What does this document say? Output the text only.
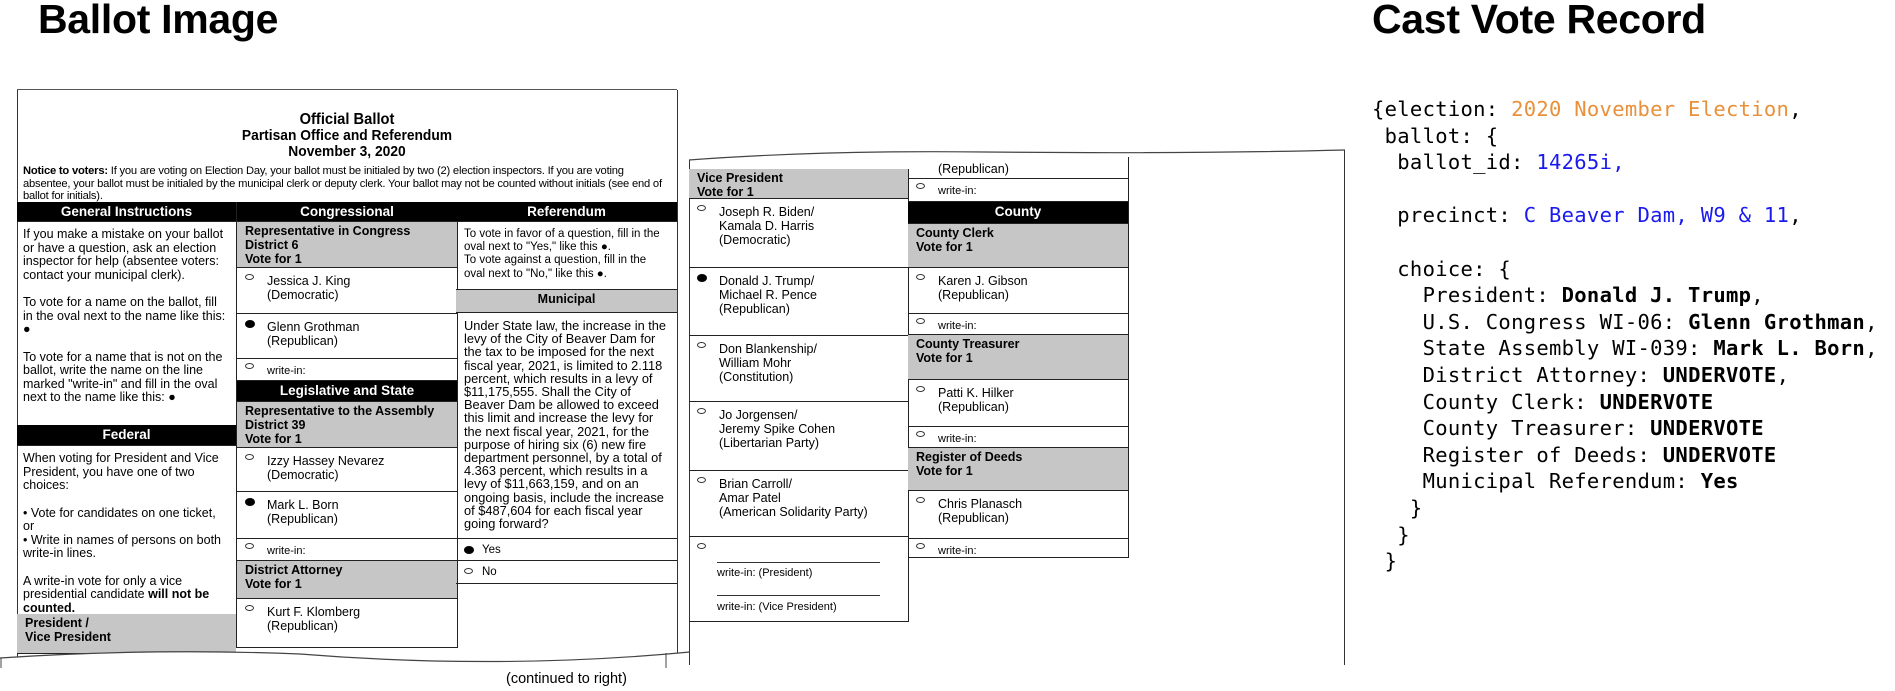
Ballot Image	Cast Vote Record
Official Ballot
Partisan Office and Referendum
November 3, 2020
Notice to voters: If you are voting on Election Day, your ballot must be initialed by two (2) election inspectors. If you are voting absentee, your ballot must be initialed by the municipal clerk or deputy clerk. Your ballot may not be counted without initials (see end of ballot for initials).
General Instructions

If you make a mistake on your ballot or have a question, ask an election inspector for help (absentee voters: contact your municipal clerk).

To vote for a name on the ballot, fill in the oval next to the name like this: ●

To vote for a name that is not on the ballot, write the name on the line marked "write-in" and fill in the oval next to the name like this: ●

Federal

When voting for President and Vice President, you have one of two choices:

• Vote for candidates on one ticket, or
• Write in names of persons on both write-in lines.

A write-in vote for only a vice presidential candidate will not be counted.

President /
Vice President
Congressional
Representative in Congress
District 6
Vote for 1
Jessica J. King
(Democratic)
Glenn Grothman
(Republican)
write-in:
Legislative and State
Representative to the Assembly
District 39
Vote for 1
Izzy Hassey Nevarez
(Democratic)
Mark L. Born
(Republican)
write-in:
District Attorney
Vote for 1
Kurt F. Klomberg
(Republican)
Referendum

To vote in favor of a question, fill in the oval next to "Yes," like this ●.
To vote against a question, fill in the oval next to "No," like this ●.

Municipal

Under State law, the increase in the levy of the City of Beaver Dam for the tax to be imposed for the next fiscal year, 2021, is limited to 2.118 percent, which results in a levy of $11,175,555. Shall the City of Beaver Dam be allowed to exceed this limit and increase the levy for the next fiscal year, 2021, for the purpose of hiring six (6) new fire department personnel, by a total of 4.363 percent, which results in a levy of $11,663,159, and on an ongoing basis, include the increase of $487,604 for each fiscal year going forward?

Yes
No
(continued to right)
Vice President
Vote for 1
Joseph R. Biden/
Kamala D. Harris
(Democratic)
Donald J. Trump/
Michael R. Pence
(Republican)
Don Blankenship/
William Mohr
(Constitution)
Jo Jorgensen/
Jeremy Spike Cohen
(Libertarian Party)
Brian Carroll/
Amar Patel
(American Solidarity Party)
write-in: (President)
write-in: (Vice President)
(Republican)
write-in:
County
County Clerk
Vote for 1
Karen J. Gibson
(Republican)
write-in:
County Treasurer
Vote for 1
Patti K. Hilker
(Republican)
write-in:
Register of Deeds
Vote for 1
Chris Planasch
(Republican)
write-in:
{election: 2020 November Election,
ballot: {
ballot_id: 14265i,

precinct: C Beaver Dam, W9 & 11,

choice: {
President: Donald J. Trump,
U.S. Congress WI-06: Glenn Grothman,
State Assembly WI-039: Mark L. Born,
District Attorney: UNDERVOTE,
County Clerk: UNDERVOTE
County Treasurer: UNDERVOTE
Register of Deeds: UNDERVOTE
Municipal Referendum: Yes
}
}
}
